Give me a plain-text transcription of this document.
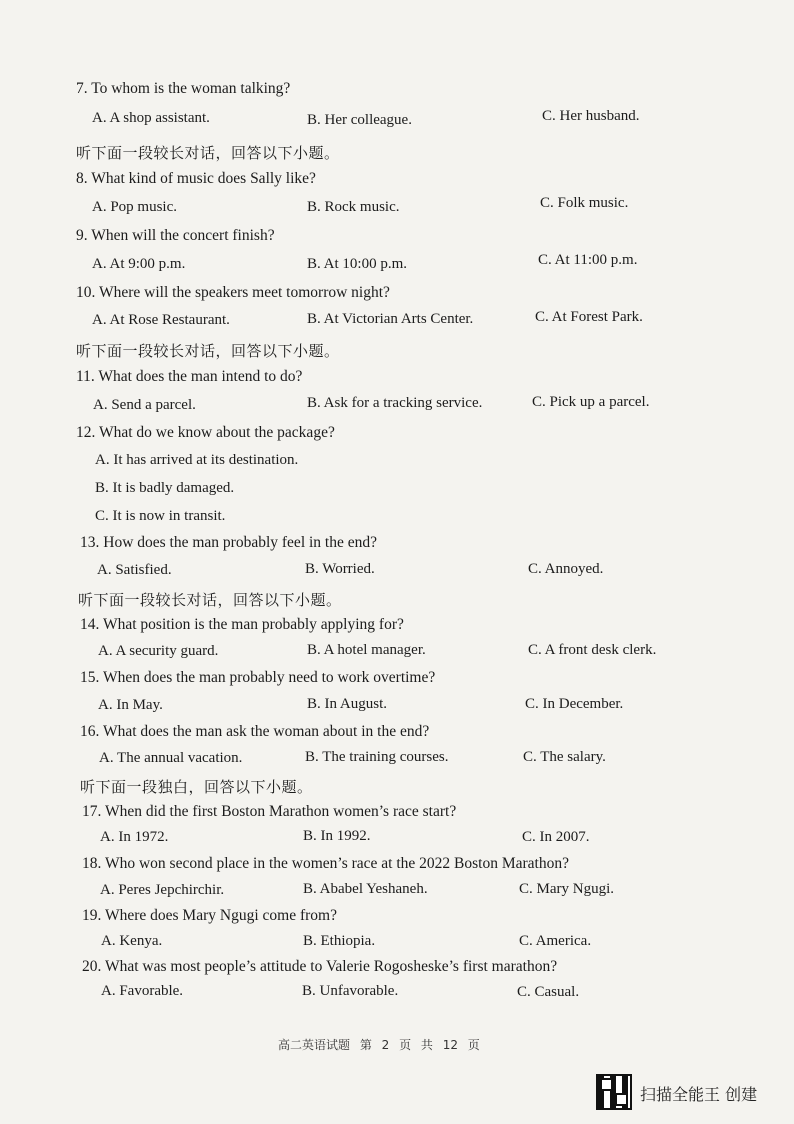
7. To whom is the woman talking?
A. A shop assistant.	B. Her colleague.	C. Her husband.
听下面一段较长对话，回答以下小题。
8. What kind of music does Sally like?
A. Pop music.	B. Rock music.	C. Folk music.
9. When will the concert finish?
A. At 9:00 p.m.	B. At 10:00 p.m.	C. At 11:00 p.m.
10. Where will the speakers meet tomorrow night?
A. At Rose Restaurant.	B. At Victorian Arts Center.	C. At Forest Park.
听下面一段较长对话，回答以下小题。
11. What does the man intend to do?
A. Send a parcel.	B. Ask for a tracking service.	C. Pick up a parcel.
12. What do we know about the package?
A. It has arrived at its destination.
B. It is badly damaged.
C. It is now in transit.
13. How does the man probably feel in the end?
A. Satisfied.	B. Worried.	C. Annoyed.
听下面一段较长对话，回答以下小题。
14. What position is the man probably applying for?
A. A security guard.	B. A hotel manager.	C. A front desk clerk.
15. When does the man probably need to work overtime?
A. In May.	B. In August.	C. In December.
16. What does the man ask the woman about in the end?
A. The annual vacation.	B. The training courses.	C. The salary.
听下面一段独白，回答以下小题。
17. When did the first Boston Marathon women’s race start?
A. In 1972.	B. In 1992.	C. In 2007.
18. Who won second place in the women’s race at the 2022 Boston Marathon?
A. Peres Jepchirchir.	B. Ababel Yeshaneh.	C. Mary Ngugi.
19. Where does Mary Ngugi come from?
A. Kenya.	B. Ethiopia.	C. America.
20. What was most people’s attitude to Valerie Rogosheske’s first marathon?
A. Favorable.	B. Unfavorable.	C. Casual.
高二英语试题 第 2 页 共 12 页
扫描全能王 创建
